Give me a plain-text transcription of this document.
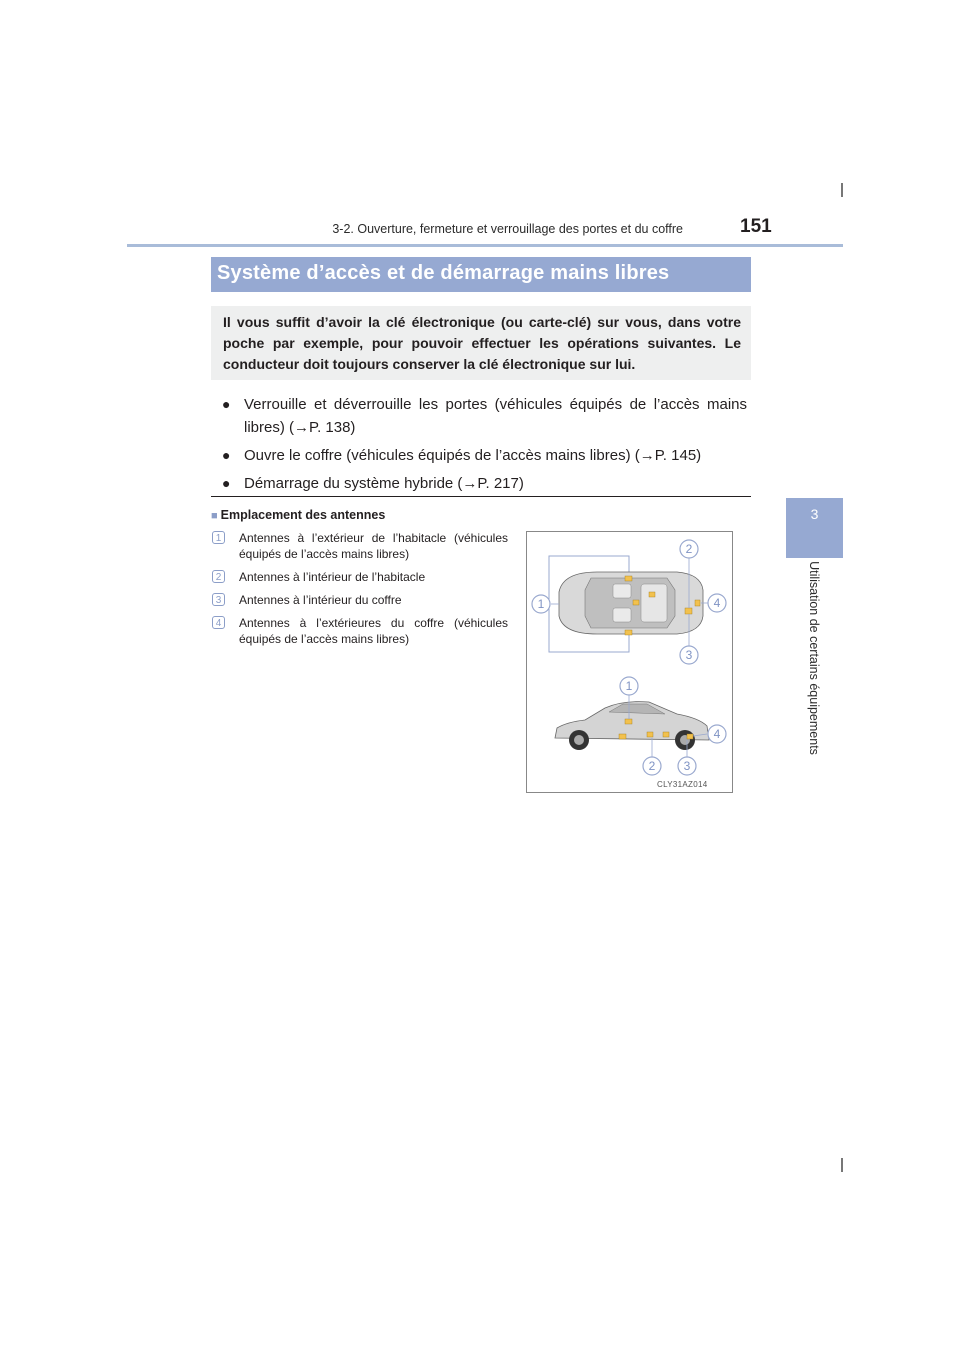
3-2. Ouverture, fermeture et verrouillage des portes et du coffre	151
3
Utilisation de certains équipements
Système d’accès et de démarrage mains libres
Il vous suffit d’avoir la clé électronique (ou carte-clé) sur vous, dans votre poche par exemple, pour pouvoir effectuer les opérations suivantes. Le conducteur doit toujours conserver la clé électronique sur lui.
● Verrouille et déverrouille les portes (véhicules équipés de l’accès mains libres) (→P. 138)
● Ouvre le coffre (véhicules équipés de l’accès mains libres) (→P. 145)
● Démarrage du système hybride (→P. 217)
■ Emplacement des antennes
1	Antennes à l’extérieur de l’habitacle (véhicules équipés de l’accès mains libres)
2	Antennes à l’intérieur de l’habitacle
3	Antennes à l’intérieur du coffre
4	Antennes à l’extérieures du coffre (véhicules équipés de l’accès mains libres)
2
1	4
3
1
4
2 3
CLY31AZ014
